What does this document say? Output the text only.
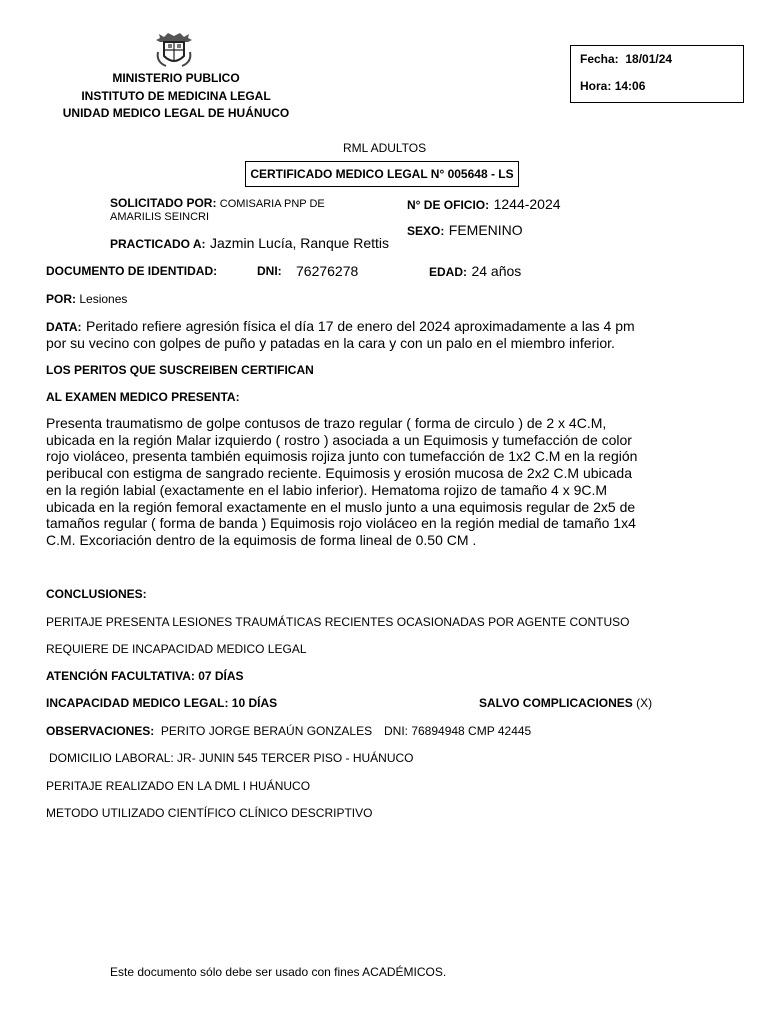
MINISTERIO PUBLICO
INSTITUTO DE MEDICINA LEGAL
UNIDAD MEDICO LEGAL DE HUÁNUCO
Fecha: 18/01/24
Hora: 14:06
RML ADULTOS
CERTIFICADO MEDICO LEGAL N° 005648 - LS
SOLICITADO POR: COMISARIA PNP DE
AMARILIS SEINCRI
N° DE OFICIO: 1244-2024
SEXO: FEMENINO
PRACTICADO A: Jazmin Lucía, Ranque Rettis
DOCUMENTO DE IDENTIDAD:	DNI: 76276278	EDAD: 24 años
POR: Lesiones
DATA: Peritado refiere agresión física el día 17 de enero del 2024 aproximadamente a las 4 pm
por su vecino con golpes de puño y patadas en la cara y con un palo en el miembro inferior.
LOS PERITOS QUE SUSCREIBEN CERTIFICAN
AL EXAMEN MEDICO PRESENTA:
Presenta traumatismo de golpe contusos de trazo regular ( forma de circulo ) de 2 x 4C.M,
ubicada en la región Malar izquierdo ( rostro ) asociada a un Equimosis y tumefacción de color
rojo violáceo, presenta también equimosis rojiza junto con tumefacción de 1x2 C.M en la región
peribucal con estigma de sangrado reciente. Equimosis y erosión mucosa de 2x2 C.M ubicada
en la región labial (exactamente en el labio inferior). Hematoma rojizo de tamaño 4 x 9C.M
ubicada en la región femoral exactamente en el muslo junto a una equimosis regular de 2x5 de
tamaños regular ( forma de banda ) Equimosis rojo violáceo en la región medial de tamaño 1x4
C.M. Excoriación dentro de la equimosis de forma lineal de 0.50 CM .
CONCLUSIONES:
PERITAJE PRESENTA LESIONES TRAUMÁTICAS RECIENTES OCASIONADAS POR AGENTE CONTUSO
REQUIERE DE INCAPACIDAD MEDICO LEGAL
ATENCIÓN FACULTATIVA: 07 DÍAS
INCAPACIDAD MEDICO LEGAL: 10 DÍAS	SALVO COMPLICACIONES (X)
OBSERVACIONES: PERITO JORGE BERAÚN GONZALES DNI: 76894948 CMP 42445
DOMICILIO LABORAL: JR- JUNIN 545 TERCER PISO - HUÁNUCO
PERITAJE REALIZADO EN LA DML I HUÁNUCO
METODO UTILIZADO CIENTÍFICO CLÍNICO DESCRIPTIVO
Este documento sólo debe ser usado con fines ACADÉMICOS.
